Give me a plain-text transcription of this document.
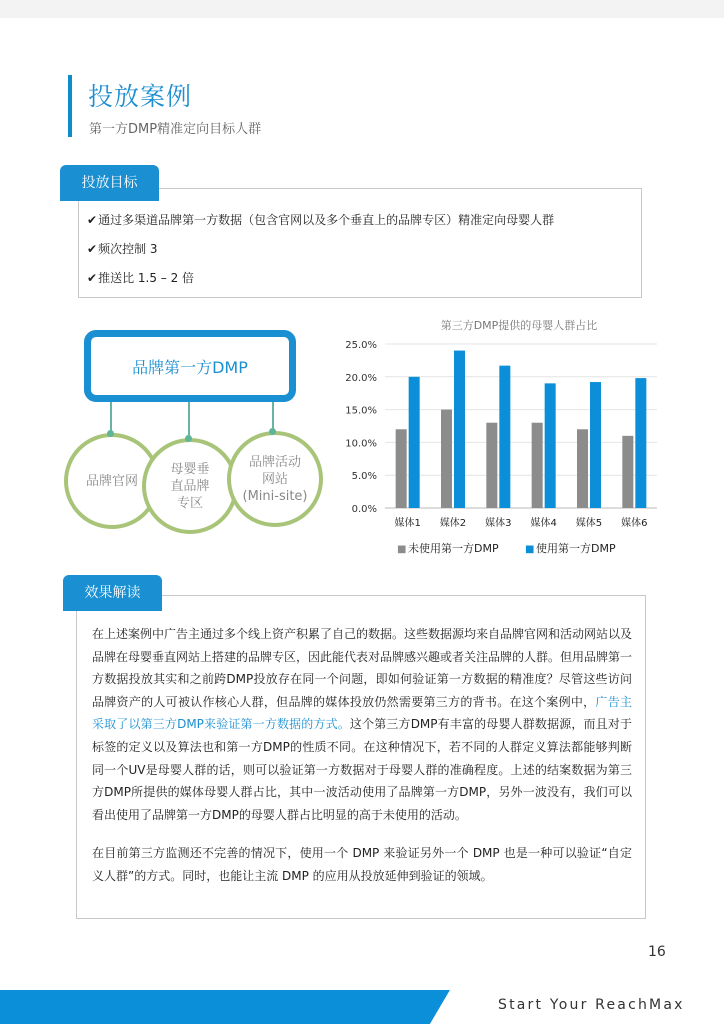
投放案例
第一方DMP精准定向目标人群
投放目标
✔通过多渠道品牌第一方数据（包含官网以及多个垂直上的品牌专区）精准定向母婴人群
✔频次控制 3
✔推送比 1.5 – 2 倍
品牌第一方DMP
品牌官网
母婴垂
直品牌
专区
品牌活动
网站
(Mini-site)
第三方DMP提供的母婴人群占比
0.0%
5.0%
10.0%
15.0%
20.0%
25.0%
媒体1 媒体2 媒体3 媒体4 媒体5 媒体6
■ 未使用第一方DMP	■ 使用第一方DMP
效果解读

在上述案例中广告主通过多个线上资产积累了自己的数据。这些数据源均来自品牌官网和活动网站以及品牌在母婴垂直网站上搭建的品牌专区，因此能代表对品牌感兴趣或者关注品牌的人群。但用品牌第一方数据投放其实和之前跨DMP投放存在同一个问题，即如何验证第一方数据的精准度？尽管这些访问品牌资产的人可被认作核心人群，但品牌的媒体投放仍然需要第三方的背书。在这个案例中，广告主采取了以第三方DMP来验证第一方数据的方式。这个第三方DMP有丰富的母婴人群数据源，而且对于标签的定义以及算法也和第一方DMP的性质不同。在这种情况下，若不同的人群定义算法都能够判断同一个UV是母婴人群的话，则可以验证第一方数据对于母婴人群的准确程度。上述的结案数据为第三方DMP所提供的媒体母婴人群占比，其中一波活动使用了品牌第一方DMP，另外一波没有，我们可以看出使用了品牌第一方DMP的母婴人群占比明显的高于未使用的活动。

在目前第三方监测还不完善的情况下，使用一个 DMP 来验证另外一个 DMP 也是一种可以验证“自定义人群”的方式。同时，也能让主流 DMP 的应用从投放延伸到验证的领域。

16
Start Your ReachMax
